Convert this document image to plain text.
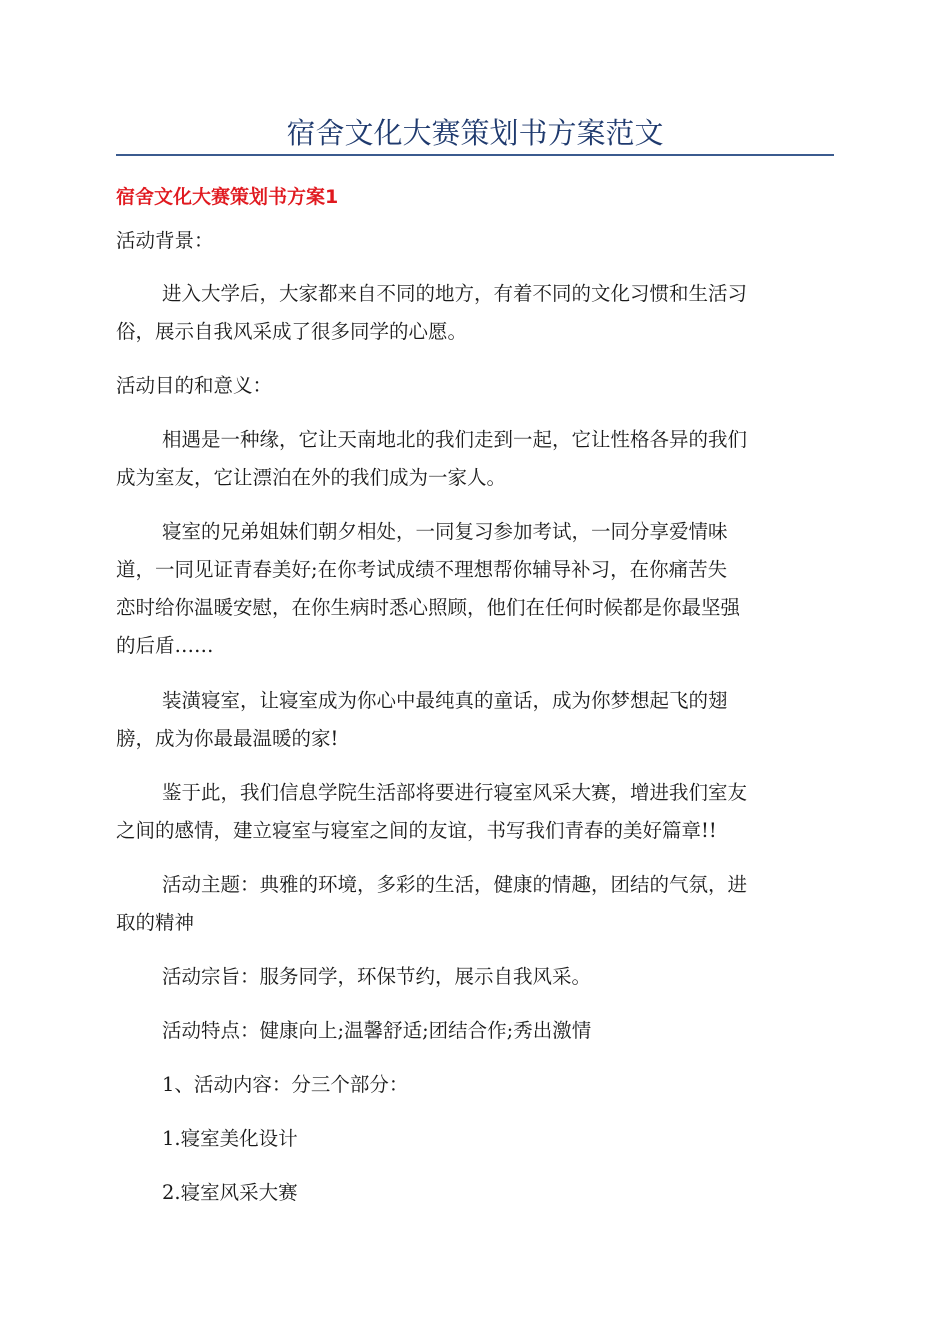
宿舍文化大赛策划书方案范文
宿舍文化大赛策划书方案1

活动背景：

进入大学后，大家都来自不同的地方，有着不同的文化习惯和生活习

俗，展示自我风采成了很多同学的心愿。

活动目的和意义：

相遇是一种缘，它让天南地北的我们走到一起，它让性格各异的我们

成为室友，它让漂泊在外的我们成为一家人。

寝室的兄弟姐妹们朝夕相处，一同复习参加考试，一同分享爱情味

道，一同见证青春美好;在你考试成绩不理想帮你辅导补习，在你痛苦失
恋时给你温暖安慰，在你生病时悉心照顾，他们在任何时候都是你最坚强
的后盾……

装潢寝室，让寝室成为你心中最纯真的童话，成为你梦想起飞的翅

膀，成为你最最温暖的家!

鉴于此，我们信息学院生活部将要进行寝室风采大赛，增进我们室友

之间的感情，建立寝室与寝室之间的友谊，书写我们青春的美好篇章!!

活动主题：典雅的环境，多彩的生活，健康的情趣，团结的气氛，进

取的精神

活动宗旨：服务同学，环保节约，展示自我风采。

活动特点：健康向上;温馨舒适;团结合作;秀出激情

1、活动内容：分三个部分：

1.寝室美化设计

2.寝室风采大赛
